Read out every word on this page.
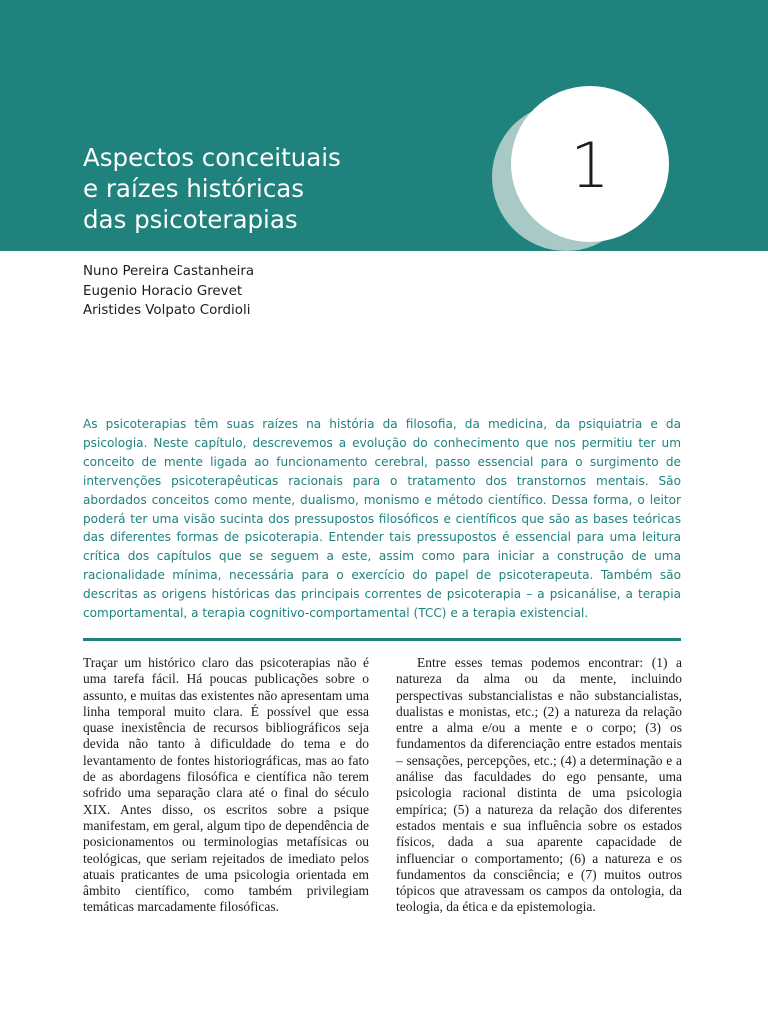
Aspectos conceituais
e raízes históricas
das psicoterapias
1
Nuno Pereira Castanheira
Eugenio Horacio Grevet
Aristides Volpato Cordioli

As psicoterapias têm suas raízes na história da filosofia, da medicina, da psiquiatria e da psicologia. Neste capítulo, descrevemos a evolução do conhecimento que nos permitiu ter um conceito de mente ligada ao funcionamento cerebral, passo essencial para o surgimento de intervenções psicoterapêuticas racionais para o tratamento dos transtornos mentais. São abordados conceitos como mente, dualismo, monismo e método científico. Dessa forma, o leitor poderá ter uma visão sucinta dos pressupostos filosóficos e científicos que são as bases teóricas das diferentes formas de psicoterapia. Entender tais pressupostos é essencial para uma leitura crítica dos capítulos que se seguem a este, assim como para iniciar a construção de uma racionalidade mínima, necessária para o exercício do papel de psicoterapeuta. Também são descritas as origens históricas das principais correntes de psicoterapia – a psicanálise, a terapia comportamental, a terapia cognitivo-comportamental (TCC) e a terapia existencial.

Traçar um histórico claro das psicoterapias não é uma tarefa fácil. Há poucas publicações sobre o assunto, e muitas das existentes não apresentam uma linha temporal muito clara. É possível que essa quase inexistência de recursos bibliográficos seja devida não tanto à dificuldade do tema e do levantamento de fontes historiográficas, mas ao fato de as abordagens filosófica e científica não terem sofrido uma separação clara até o final do século XIX. Antes disso, os escritos sobre a psique manifestam, em geral, algum tipo de dependência de posicionamentos ou terminologias metafísicas ou teológicas, que seriam rejeitados de imediato pelos atuais praticantes de uma psicologia orientada em âmbito científico, como também privilegiam temáticas marcadamente filosóficas.

Entre esses temas podemos encontrar: (1) a natureza da alma ou da mente, incluindo perspectivas substancialistas e não substancialistas, dualistas e monistas, etc.; (2) a natureza da relação entre a alma e/ou a mente e o corpo; (3) os fundamentos da diferenciação entre estados mentais – sensações, percepções, etc.; (4) a determinação e a análise das faculdades do ego pensante, uma psicologia racional distinta de uma psicologia empírica; (5) a natureza da relação dos diferentes estados mentais e sua influência sobre os estados físicos, dada a sua aparente capacidade de influenciar o comportamento; (6) a natureza e os fundamentos da consciência; e (7) muitos outros tópicos que atravessam os campos da ontologia, da teologia, da ética e da epistemologia.
